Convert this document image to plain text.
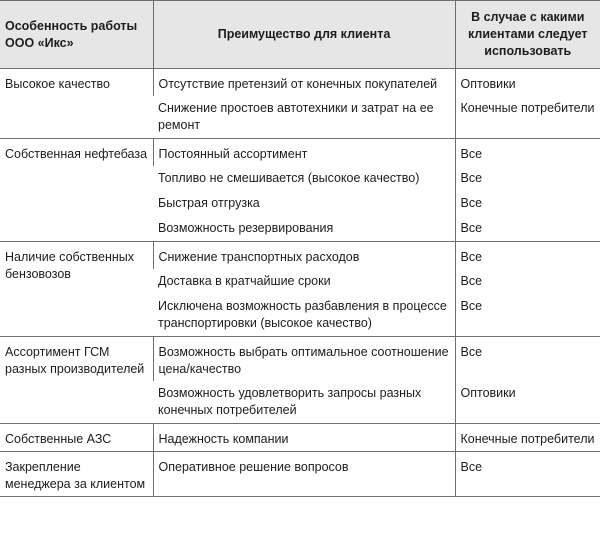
Особенность работы ООО «Икс»	Преимущество для клиента	В случае с какими клиентами следует использовать
Высокое качество	Отсутствие претензий от конечных покупателей	Оптовики
	Снижение простоев автотехники и затрат на ее ремонт	Конечные потребители
Собственная нефтебаза	Постоянный ассортимент	Все
	Топливо не смешивается (высокое качество)	Все
	Быстрая отгрузка	Все
	Возможность резервирования	Все
Наличие собственных бензовозов	Снижение транспортных расходов	Все
	Доставка в кратчайшие сроки	Все
	Исключена возможность разбавления в процессе транспортировки (высокое качество)	Все
Ассортимент ГСМ разных производителей	Возможность выбрать оптимальное соотношение цена/качество	Все
	Возможность удовлетворить запросы разных конечных потребителей	Оптовики
Собственные АЗС	Надежность компании	Конечные потребители
Закрепление менеджера за клиентом	Оперативное решение вопросов	Все
